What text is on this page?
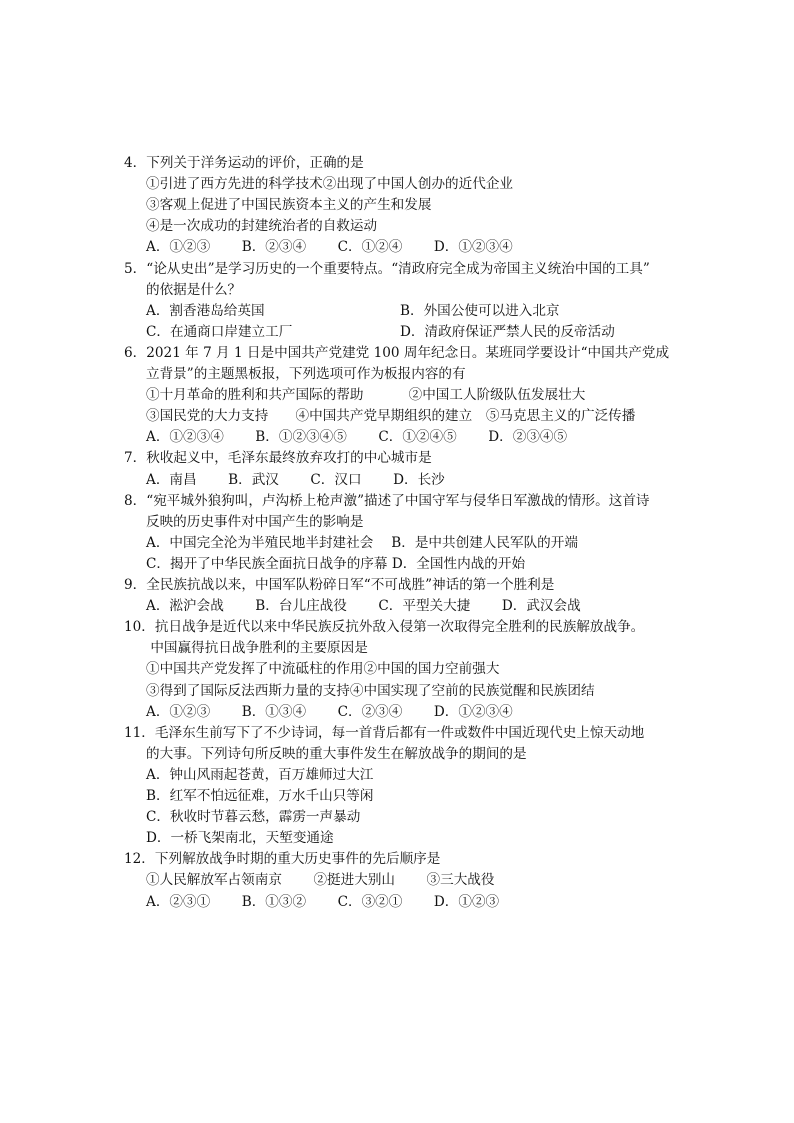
4．下列关于洋务运动的评价，正确的是
①引进了西方先进的科学技术②出现了中国人创办的近代企业
③客观上促进了中国民族资本主义的产生和发展
④是一次成功的封建统治者的自救运动
A．①②③　　 B．②③④　　 C．①②④　　 D．①②③④
5．“论从史出”是学习历史的一个重要特点。“清政府完全成为帝国主义统治中国的工具”
的依据是什么？
A．割香港岛给英国	B．外国公使可以进入北京
C．在通商口岸建立工厂	D．清政府保证严禁人民的反帝活动
6．2021 年 7 月 1 日是中国共产党建党 100 周年纪念日。某班同学要设计“中国共产党成
立背景”的主题黑板报，下列选项可作为板报内容的有
①十月革命的胜利和共产国际的帮助　　　 ②中国工人阶级队伍发展壮大
③国民党的大力支持　　④中国共产党早期组织的建立　⑤马克思主义的广泛传播
A．①②③④　　 B．①②③④⑤　　 C．①②④⑤　　 D．②③④⑤
7．秋收起义中，毛泽东最终放弃攻打的中心城市是
A．南昌　　 B．武汉　　 C．汉口　　 D．长沙
8．“宛平城外狼狗叫，卢沟桥上枪声激”描述了中国守军与侵华日军激战的情形。这首诗
反映的历史事件对中国产生的影响是
A．中国完全沦为半殖民地半封建社会　 B．是中共创建人民军队的开端
C．揭开了中华民族全面抗日战争的序幕 D．全国性内战的开始
9．全民族抗战以来，中国军队粉碎日军“不可战胜”神话的第一个胜利是
A．淞沪会战　　 B．台儿庄战役　　 C．平型关大捷　　 D．武汉会战
10．抗日战争是近代以来中华民族反抗外敌入侵第一次取得完全胜利的民族解放战争。
中国赢得抗日战争胜利的主要原因是
①中国共产党发挥了中流砥柱的作用②中国的国力空前强大
③得到了国际反法西斯力量的支持④中国实现了空前的民族觉醒和民族团结
A．①②③　　 B．①③④　　 C．②③④　　 D．①②③④
11．毛泽东生前写下了不少诗词，每一首背后都有一件或数件中国近现代史上惊天动地
的大事。下列诗句所反映的重大事件发生在解放战争的期间的是
A．钟山风雨起苍黄，百万雄师过大江
B．红军不怕远征难，万水千山只等闲
C．秋收时节暮云愁，霹雳一声暴动
D．一桥飞架南北，天堑变通途
12．下列解放战争时期的重大历史事件的先后顺序是
①人民解放军占领南京　　 ②挺进大别山　　 ③三大战役
A．②③①　　 B．①③②　　 C．③②①　　 D．①②③
